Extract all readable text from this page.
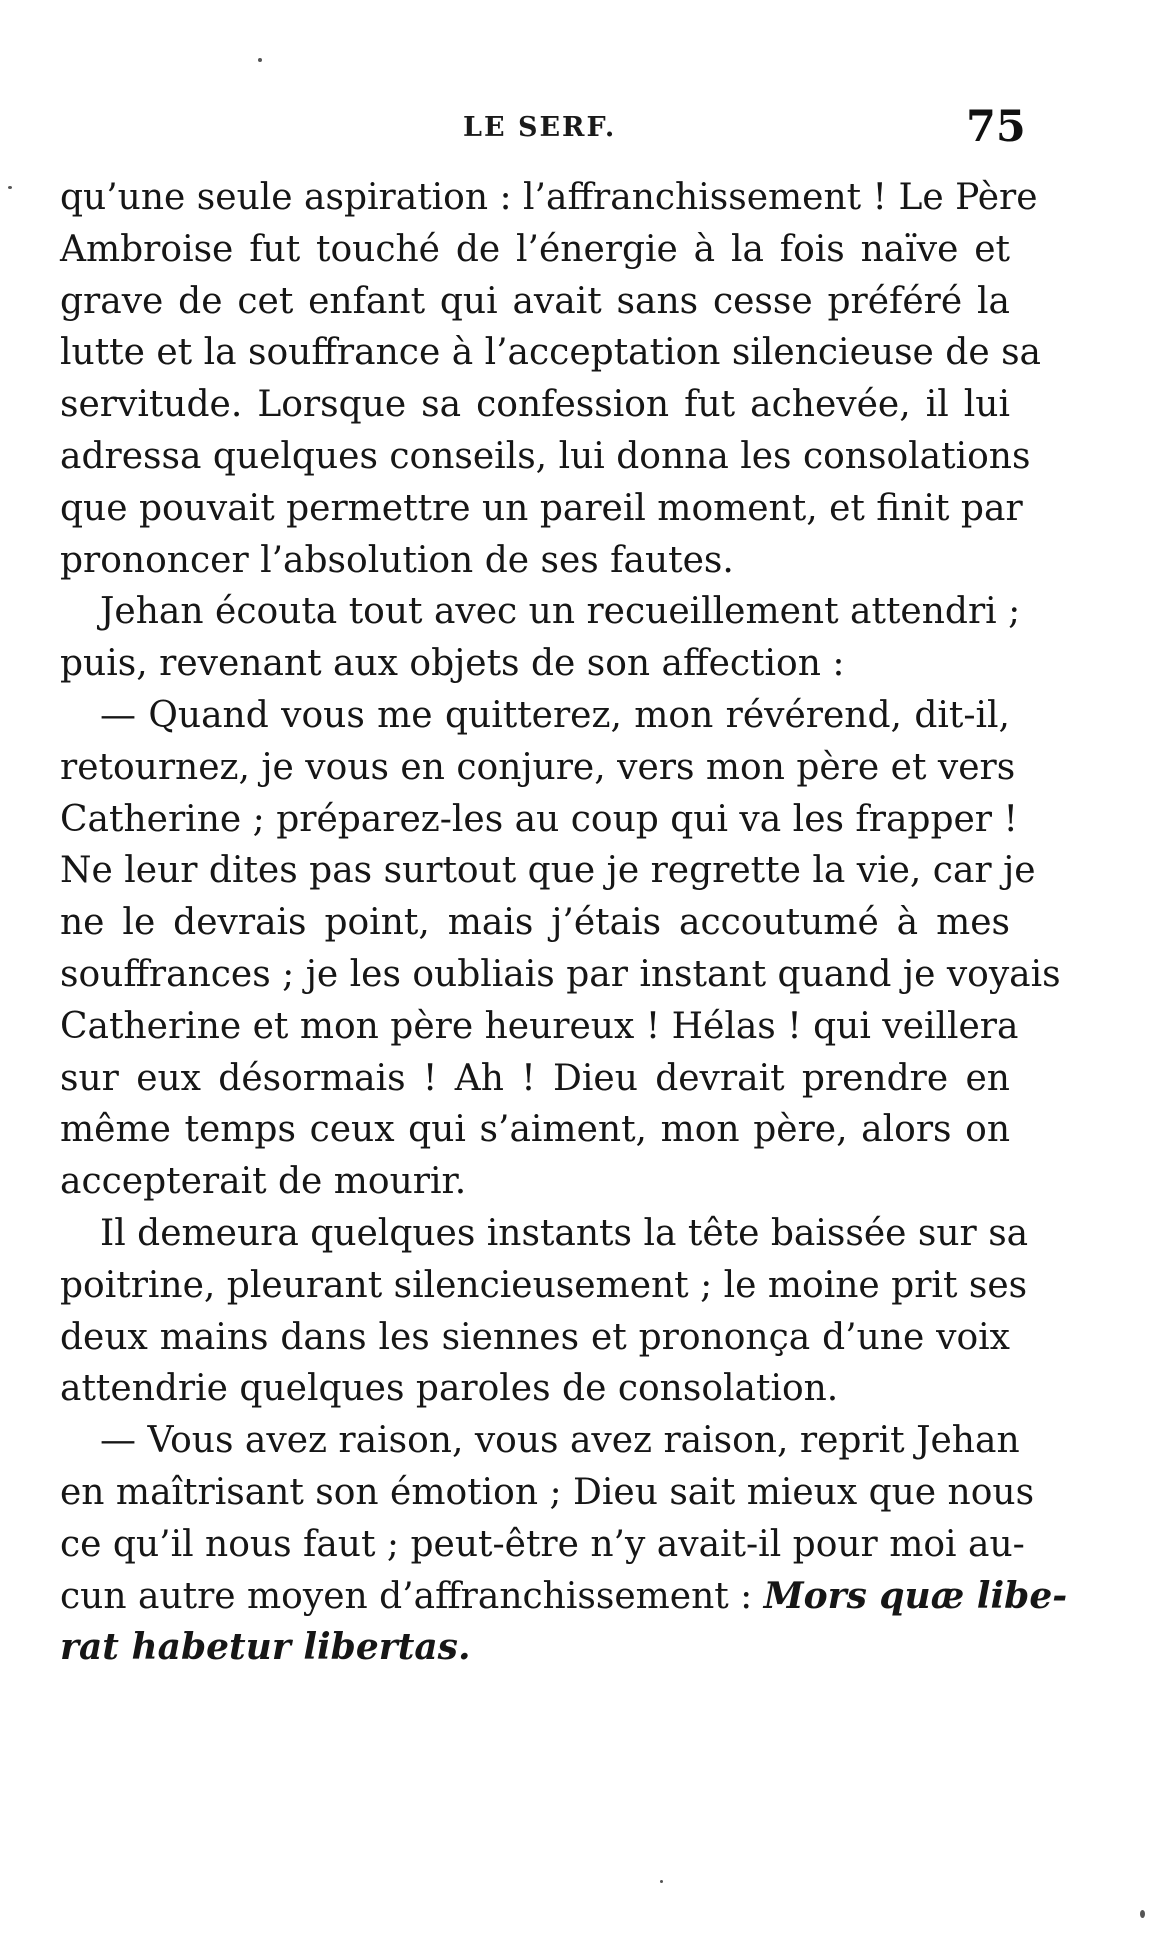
LE SERF.	75
qu’une seule aspiration : l’affranchissement ! Le Père
Ambroise fut touché de l’énergie à la fois naïve et
grave de cet enfant qui avait sans cesse préféré la
lutte et la souffrance à l’acceptation silencieuse de sa
servitude. Lorsque sa confession fut achevée, il lui
adressa quelques conseils, lui donna les consolations
que pouvait permettre un pareil moment, et finit par
prononcer l’absolution de ses fautes.
Jehan écouta tout avec un recueillement attendri ;
puis, revenant aux objets de son affection :
— Quand vous me quitterez, mon révérend, dit-il,
retournez, je vous en conjure, vers mon père et vers
Catherine ; préparez-les au coup qui va les frapper !
Ne leur dites pas surtout que je regrette la vie, car je
ne le devrais point, mais j’étais accoutumé à mes
souffrances ; je les oubliais par instant quand je voyais
Catherine et mon père heureux ! Hélas ! qui veillera
sur eux désormais ! Ah ! Dieu devrait prendre en
même temps ceux qui s’aiment, mon père, alors on
accepterait de mourir.
Il demeura quelques instants la tête baissée sur sa
poitrine, pleurant silencieusement ; le moine prit ses
deux mains dans les siennes et prononça d’une voix
attendrie quelques paroles de consolation.
— Vous avez raison, vous avez raison, reprit Jehan
en maîtrisant son émotion ; Dieu sait mieux que nous
ce qu’il nous faut ; peut-être n’y avait-il pour moi au-
cun autre moyen d’affranchissement : Mors quæ libe-
rat habetur libertas.
